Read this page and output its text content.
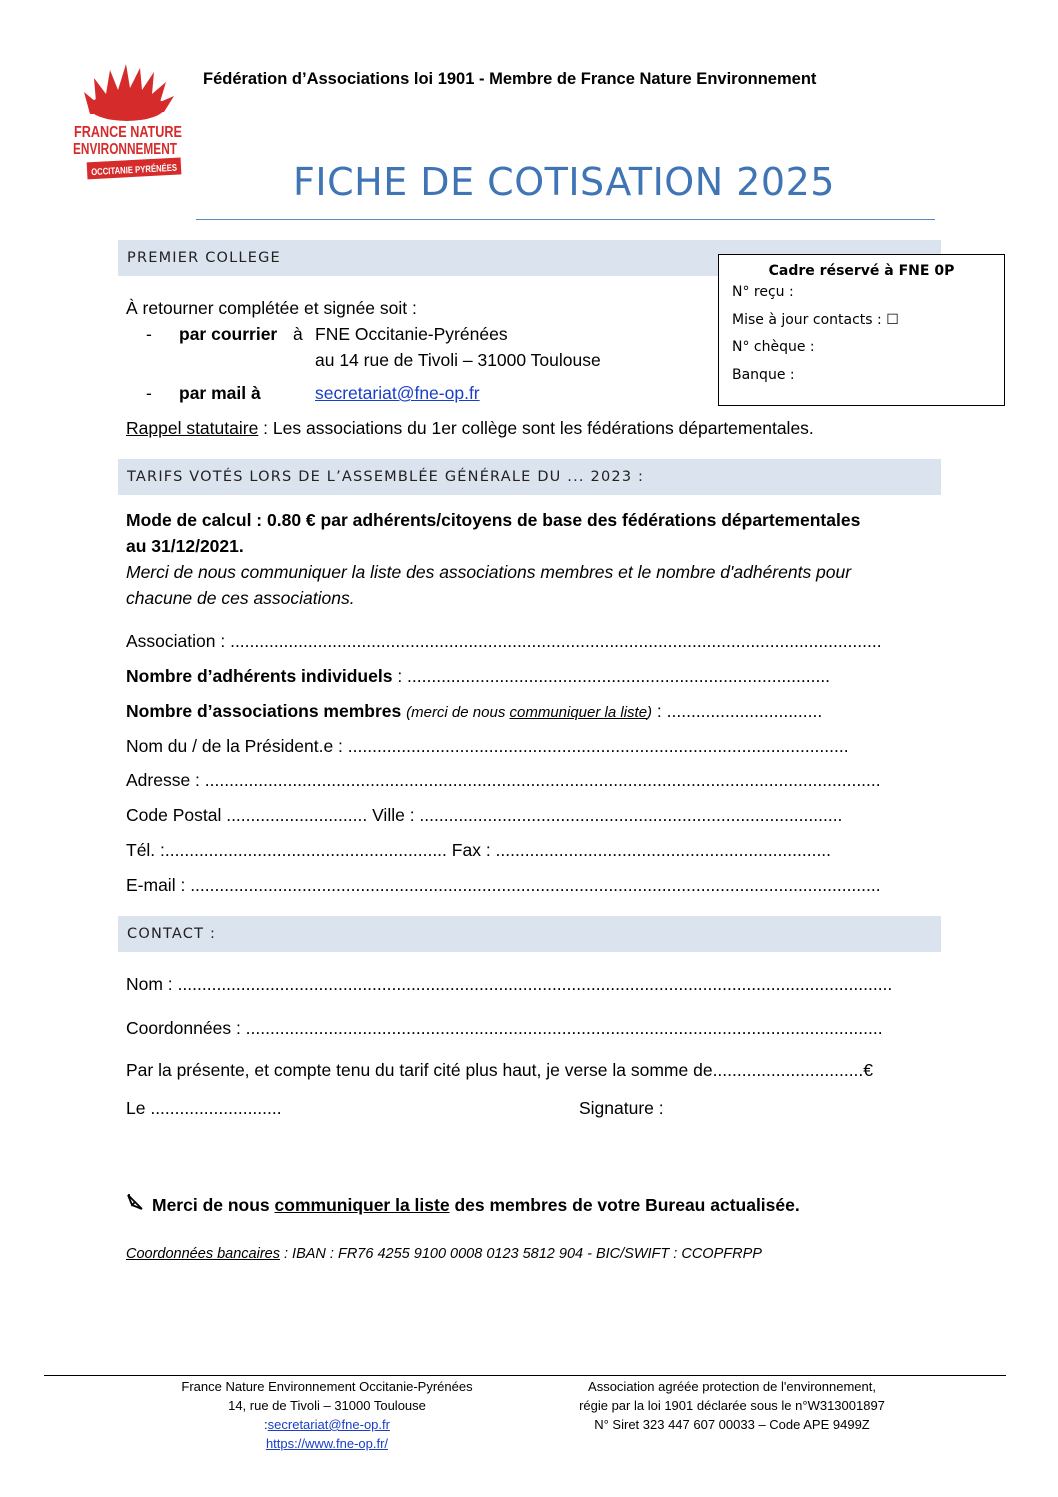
FRANCE NATURE
ENVIRONNEMENT
OCCITANIE PYRÉNÉES
Fédération d’Associations loi 1901 - Membre de France Nature Environnement
FICHE DE COTISATION 2025
PREMIER COLLEGE
Cadre réservé à FNE 0P
N° reçu :
Mise à jour contacts : ☐
N° chèque :
Banque :
À retourner complétée et signée soit :
- par courrier à FNE Occitanie-Pyrénées
au 14 rue de Tivoli – 31000 Toulouse
- par mail à	secretariat@fne-op.fr
Rappel statutaire : Les associations du 1er collège sont les fédérations départementales.
TARIFS VOTÉS LORS DE L’ASSEMBLÉE GÉNÉRALE DU ... 2023 :
Mode de calcul : 0.80 € par adhérents/citoyens de base des fédérations départementales
au 31/12/2021.
Merci de nous communiquer la liste des associations membres et le nombre d'adhérents pour
chacune de ces associations.
Association : ......................................................................................................................................
Nombre d’adhérents individuels : .......................................................................................
Nombre d’associations membres (merci de nous communiquer la liste) : ................................
Nom du / de la Président.e : .......................................................................................................
Adresse : ...........................................................................................................................................
Code Postal ............................. Ville : .......................................................................................
Tél. :.......................................................... Fax : .....................................................................
E-mail : ..............................................................................................................................................
CONTACT :
Nom : ...................................................................................................................................................
Coordonnées : ...................................................................................................................................
Par la présente, et compte tenu du tarif cité plus haut, je verse la somme de...............................€
Le ...........................	Signature :
Merci de nous communiquer la liste des membres de votre Bureau actualisée.
Coordonnées bancaires : IBAN : FR76 4255 9100 0008 0123 5812 904 - BIC/SWIFT : CCOPFRPP
France Nature Environnement Occitanie-Pyrénées
14, rue de Tivoli – 31000 Toulouse
:secretariat@fne-op.fr
https://www.fne-op.fr/
Association agréée protection de l'environnement,
régie par la loi 1901 déclarée sous le n°W313001897
N° Siret 323 447 607 00033 – Code APE 9499Z
